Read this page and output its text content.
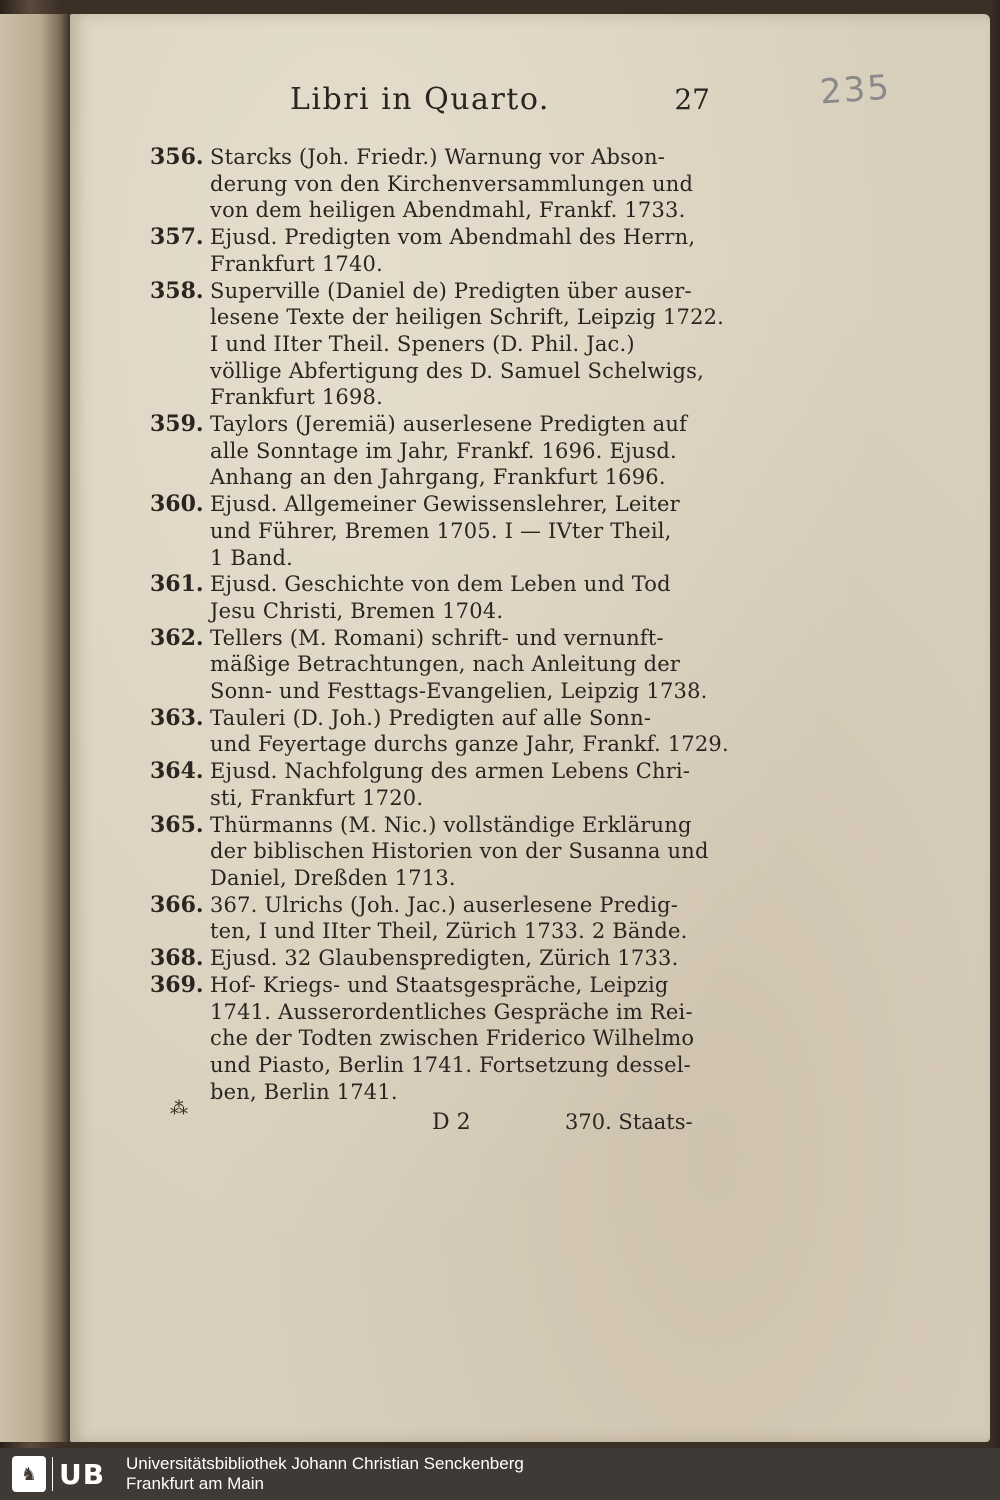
Libri in Quarto.	27	235
356. Starcks (Joh. Friedr.) Warnung vor Abson-
derung von den Kirchenversammlungen und
von dem heiligen Abendmahl, Frankf. 1733.
357. Ejusd. Predigten vom Abendmahl des Herrn,
Frankfurt 1740.
358. Superville (Daniel de) Predigten über auser-
lesene Texte der heiligen Schrift, Leipzig 1722.
I und IIter Theil. Speners (D. Phil. Jac.)
völlige Abfertigung des D. Samuel Schelwigs,
Frankfurt 1698.
359. Taylors (Jeremiä) auserlesene Predigten auf
alle Sonntage im Jahr, Frankf. 1696. Ejusd.
Anhang an den Jahrgang, Frankfurt 1696.
360. Ejusd. Allgemeiner Gewissenslehrer, Leiter
und Führer, Bremen 1705. I — IVter Theil,
1 Band.
361. Ejusd. Geschichte von dem Leben und Tod
Jesu Christi, Bremen 1704.
362. Tellers (M. Romani) schrift- und vernunft-
mäßige Betrachtungen, nach Anleitung der
Sonn- und Festtags-Evangelien, Leipzig 1738.
363. Tauleri (D. Joh.) Predigten auf alle Sonn-
und Feyertage durchs ganze Jahr, Frankf. 1729.
364. Ejusd. Nachfolgung des armen Lebens Chri-
sti, Frankfurt 1720.
365. Thürmanns (M. Nic.) vollständige Erklärung
der biblischen Historien von der Susanna und
Daniel, Dreßden 1713.
366. 367. Ulrichs (Joh. Jac.) auserlesene Predig-
ten, I und IIter Theil, Zürich 1733. 2 Bände.
368. Ejusd. 32 Glaubenspredigten, Zürich 1733.
369. Hof- Kriegs- und Staatsgespräche, Leipzig
1741. Ausserordentliches Gespräche im Rei-
che der Todten zwischen Friderico Wilhelmo
und Piasto, Berlin 1741. Fortsetzung dessel-
ben, Berlin 1741.
⁂
D 2	370. Staats-
♞ UB Universitätsbibliothek Johann Christian Senckenberg
Frankfurt am Main
